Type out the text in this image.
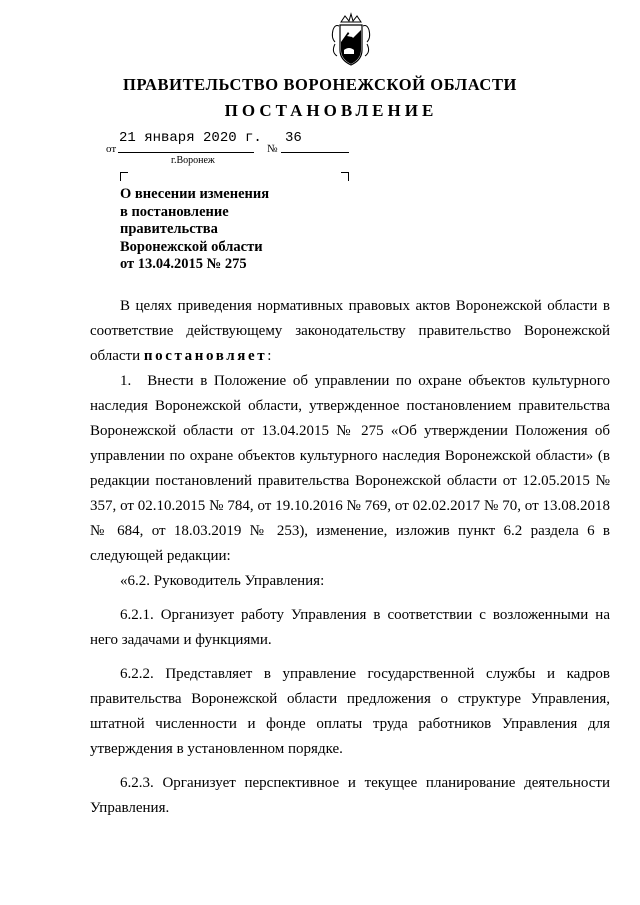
ПРАВИТЕЛЬСТВО ВОРОНЕЖСКОЙ ОБЛАСТИ
ПОСТАНОВЛЕНИЕ
от
21 января 2020 г.
№
36
г.Воронеж
О внесении изменения
в постановление
правительства
Воронежской области
от 13.04.2015 № 275

В целях приведения нормативных правовых актов Воронежской области в соответствие действующему законодательству правительство Воронежской области постановляет:

1. Внести в Положение об управлении по охране объектов культурного наследия Воронежской области, утвержденное постановлением правительства Воронежской области от 13.04.2015 № 275 «Об утверждении Положения об управлении по охране объектов культурного наследия Воронежской области» (в редакции постановлений правительства Воронежской области от 12.05.2015 № 357, от 02.10.2015 № 784, от 19.10.2016 № 769, от 02.02.2017 № 70, от 13.08.2018 № 684, от 18.03.2019 № 253), изменение, изложив пункт 6.2 раздела 6 в следующей редакции:

«6.2. Руководитель Управления:

6.2.1. Организует работу Управления в соответствии с возложенными на него задачами и функциями.

6.2.2. Представляет в управление государственной службы и кадров правительства Воронежской области предложения о структуре Управления, штатной численности и фонде оплаты труда работников Управления для утверждения в установленном порядке.

6.2.3. Организует перспективное и текущее планирование деятельности Управления.
